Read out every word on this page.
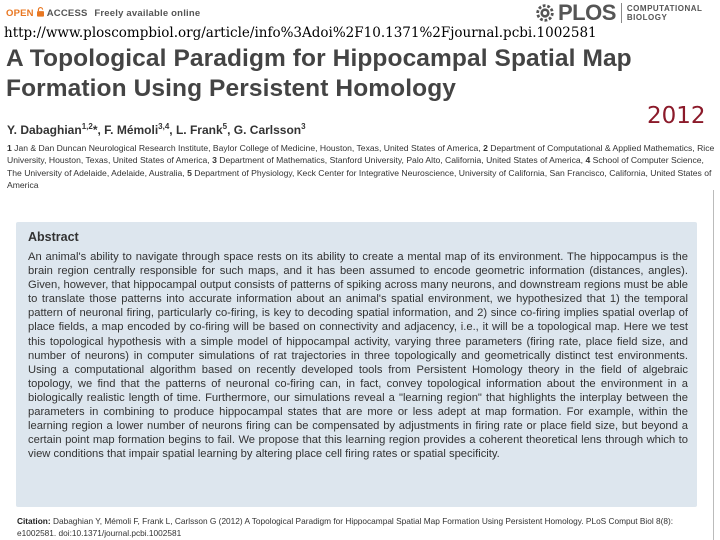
OPEN ACCESS Freely available online	PLOS COMPUTATIONAL
BIOLOGY
http://www.ploscompbiol.org/article/info%3Adoi%2F10.1371%2Fjournal.pcbi.1002581
A Topological Paradigm for Hippocampal Spatial Map
Formation Using Persistent Homology
2012
Y. Dabaghian$^{1,2}$*, F. Mémoli$^{3,4}$, L. Frank$^5$, G. Carlsson$^3$
1 Jan & Dan Duncan Neurological Research Institute, Baylor College of Medicine, Houston, Texas, United States of America, 2 Department of Computational & Applied Mathematics, Rice University, Houston, Texas, United States of America, 3 Department of Mathematics, Stanford University, Palo Alto, California, United States of America, 4 School of Computer Science, The University of Adelaide, Adelaide, Australia, 5 Department of Physiology, Keck Center for Integrative Neuroscience, University of California, San Francisco, California, United States of America
Abstract
An animal's ability to navigate through space rests on its ability to create a mental map of its environment. The hippocampus is the brain region centrally responsible for such maps, and it has been assumed to encode geometric information (distances, angles). Given, however, that hippocampal output consists of patterns of spiking across many neurons, and downstream regions must be able to translate those patterns into accurate information about an animal's spatial environment, we hypothesized that 1) the temporal pattern of neuronal firing, particularly co-firing, is key to decoding spatial information, and 2) since co-firing implies spatial overlap of place fields, a map encoded by co-firing will be based on connectivity and adjacency, i.e., it will be a topological map. Here we test this topological hypothesis with a simple model of hippocampal activity, varying three parameters (firing rate, place field size, and number of neurons) in computer simulations of rat trajectories in three topologically and geometrically distinct test environments. Using a computational algorithm based on recently developed tools from Persistent Homology theory in the field of algebraic topology, we find that the patterns of neuronal co-firing can, in fact, convey topological information about the environment in a biologically realistic length of time. Furthermore, our simulations reveal a "learning region" that highlights the interplay between the parameters in combining to produce hippocampal states that are more or less adept at map formation. For example, within the learning region a lower number of neurons firing can be compensated by adjustments in firing rate or place field size, but beyond a certain point map formation begins to fail. We propose that this learning region provides a coherent theoretical lens through which to view conditions that impair spatial learning by altering place cell firing rates or spatial specificity.
Citation: Dabaghian Y, Mémoli F, Frank L, Carlsson G (2012) A Topological Paradigm for Hippocampal Spatial Map Formation Using Persistent Homology. PLoS Comput Biol 8(8): e1002581. doi:10.1371/journal.pcbi.1002581
